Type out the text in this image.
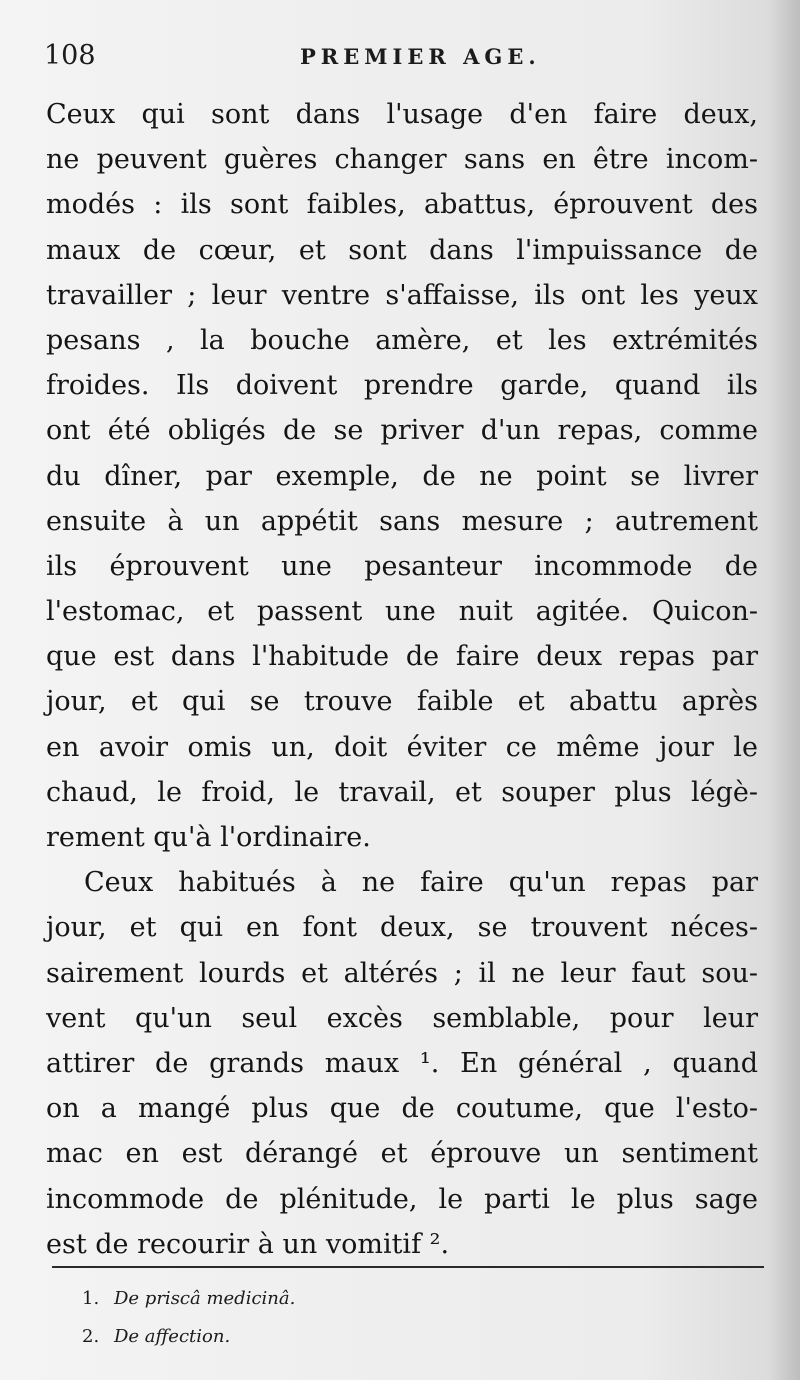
108	PREMIER AGE.
Ceux qui sont dans l'usage d'en faire deux,
ne peuvent guères changer sans en être incom-
modés : ils sont faibles, abattus, éprouvent des
maux de cœur, et sont dans l'impuissance de
travailler ; leur ventre s'affaisse, ils ont les yeux
pesans , la bouche amère, et les extrémités
froides. Ils doivent prendre garde, quand ils
ont été obligés de se priver d'un repas, comme
du dîner, par exemple, de ne point se livrer
ensuite à un appétit sans mesure ; autrement
ils éprouvent une pesanteur incommode de
l'estomac, et passent une nuit agitée. Quicon-
que est dans l'habitude de faire deux repas par
jour, et qui se trouve faible et abattu après
en avoir omis un, doit éviter ce même jour le
chaud, le froid, le travail, et souper plus légè-
rement qu'à l'ordinaire.
Ceux habitués à ne faire qu'un repas par
jour, et qui en font deux, se trouvent néces-
sairement lourds et altérés ; il ne leur faut sou-
vent qu'un seul excès semblable, pour leur
attirer de grands maux ¹. En général , quand
on a mangé plus que de coutume, que l'esto-
mac en est dérangé et éprouve un sentiment
incommode de plénitude, le parti le plus sage
est de recourir à un vomitif ².
1. De priscâ medicinâ.
2. De affection.
